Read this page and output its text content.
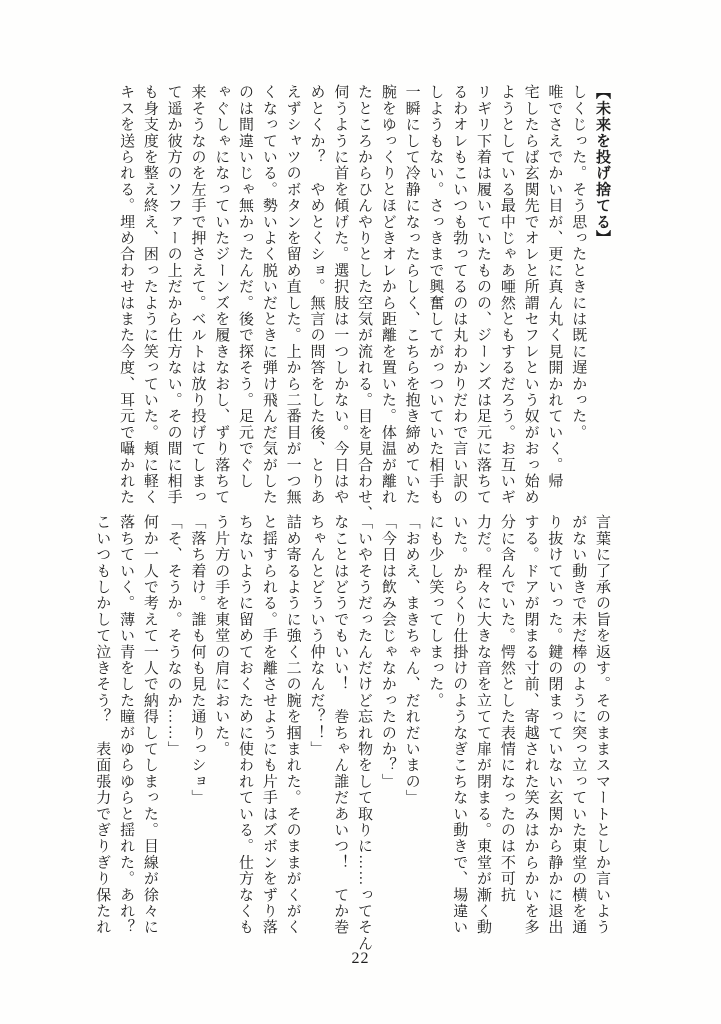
【未来を投げ捨てる】
しくじった。そう思ったときには既に遅かった。
唯でさえでかい目が、更に真ん丸く見開かれていく。帰
宅したらば玄関先でオレと所謂セフレという奴がおっ始め
ようとしている最中じゃあ唖然ともするだろう。お互いギ
リギリ下着は履いていたものの、ジーンズは足元に落ちて
るわオレもこいつも勃ってるのは丸わかりだわで言い訳の
しようもない。さっきまで興奮してがっついていた相手も
一瞬にして冷静になったらしく、こちらを抱き締めていた
腕をゆっくりとほどきオレから距離を置いた。体温が離れ
たところからひんやりとした空気が流れる。目を見合わせ、
伺うように首を傾げた。選択肢は一つしかない。今日はや
めとくか？　やめとくショ。無言の問答をした後、とりあ
えずシャツのボタンを留め直した。上から二番目が一つ無
くなっている。勢いよく脱いだときに弾け飛んだ気がした
のは間違いじゃ無かったんだ。後で探そう。足元でぐし
ゃぐしゃになっていたジーンズを履きなおし、ずり落ちて
来そうなのを左手で押さえて。ベルトは放り投げてしまっ
て遥か彼方のソファーの上だから仕方ない。その間に相手
も身支度を整え終え、困ったように笑っていた。頬に軽く
キスを送られる。埋め合わせはまた今度、耳元で囁かれた
言葉に了承の旨を返す。そのままスマートとしか言いよう
がない動きで未だ棒のように突っ立っていた東堂の横を通
り抜けていった。鍵の閉まっていない玄関から静かに退出
する。ドアが閉まる寸前、寄越された笑みはからかいを多
分に含んでいた。愕然とした表情になったのは不可抗
力だ。程々に大きな音を立てて扉が閉まる。東堂が漸く動
いた。からくり仕掛けのようなぎこちない動きで、場違い
にも少し笑ってしまった。
「おめえ、まきちゃん、だれだいまの」
「今日は飲み会じゃなかったのか？」
「いやそうだったんだけど忘れ物をして取りに……ってそん
なことはどうでもいい！　巻ちゃん誰だあいつ！　てか巻
ちゃんとどういう仲なんだ？！」
詰め寄るように強く二の腕を掴まれた。そのままがくがく
と揺すられる。手を離させようにも片手はズボンをずり落
ちないように留めておくために使われている。仕方なくも
う片方の手を東堂の肩においた。
「落ち着け。誰も何も見た通りっショ」
「そ、そうか。そうなのか……」
何か一人で考えて一人で納得してしまった。目線が徐々に
落ちていく。薄い青をした瞳がゆらゆらと揺れた。あれ？
こいつもしかして泣きそう？　表面張力でぎりぎり保たれ
22
